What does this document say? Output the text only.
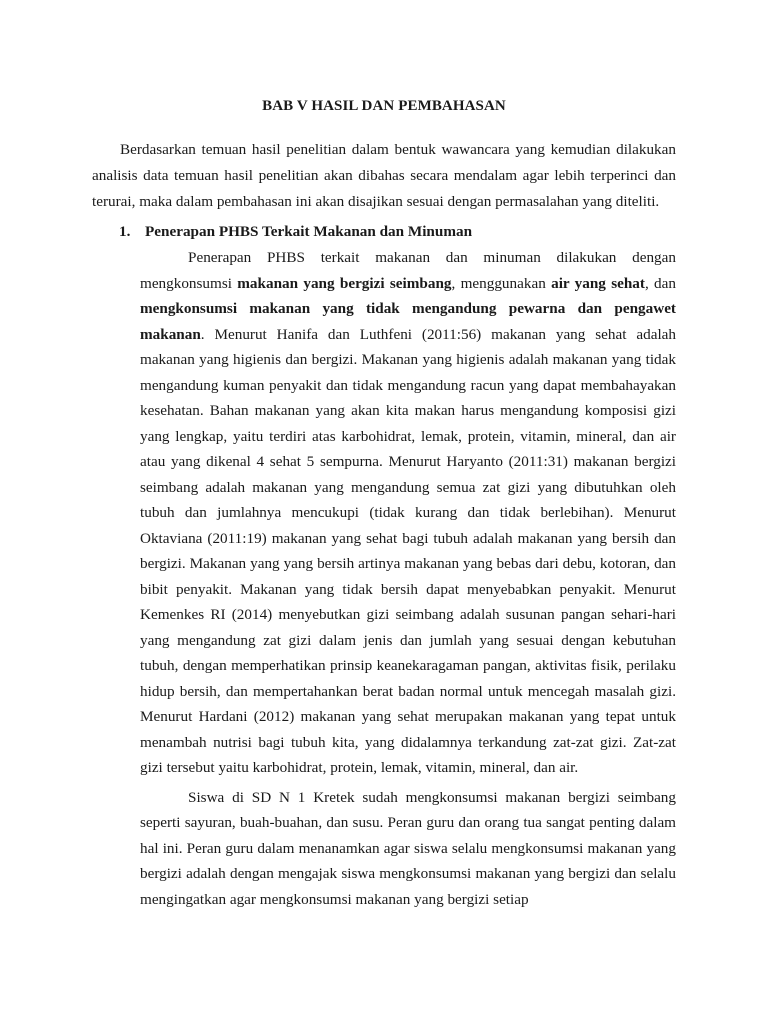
BAB V HASIL DAN PEMBAHASAN

Berdasarkan temuan hasil penelitian dalam bentuk wawancara yang kemudian dilakukan analisis data temuan hasil penelitian akan dibahas secara mendalam agar lebih terperinci dan terurai, maka dalam pembahasan ini akan disajikan sesuai dengan permasalahan yang diteliti.

1. Penerapan PHBS Terkait Makanan dan Minuman

Penerapan PHBS terkait makanan dan minuman dilakukan dengan mengkonsumsi makanan yang bergizi seimbang, menggunakan air yang sehat, dan mengkonsumsi makanan yang tidak mengandung pewarna dan pengawet makanan. Menurut Hanifa dan Luthfeni (2011:56) makanan yang sehat adalah makanan yang higienis dan bergizi. Makanan yang higienis adalah makanan yang tidak mengandung kuman penyakit dan tidak mengandung racun yang dapat membahayakan kesehatan. Bahan makanan yang akan kita makan harus mengandung komposisi gizi yang lengkap, yaitu terdiri atas karbohidrat, lemak, protein, vitamin, mineral, dan air atau yang dikenal 4 sehat 5 sempurna. Menurut Haryanto (2011:31) makanan bergizi seimbang adalah makanan yang mengandung semua zat gizi yang dibutuhkan oleh tubuh dan jumlahnya mencukupi (tidak kurang dan tidak berlebihan). Menurut Oktaviana (2011:19) makanan yang sehat bagi tubuh adalah makanan yang bersih dan bergizi. Makanan yang yang bersih artinya makanan yang bebas dari debu, kotoran, dan bibit penyakit. Makanan yang tidak bersih dapat menyebabkan penyakit. Menurut Kemenkes RI (2014) menyebutkan gizi seimbang adalah susunan pangan sehari-hari yang mengandung zat gizi dalam jenis dan jumlah yang sesuai dengan kebutuhan tubuh, dengan memperhatikan prinsip keanekaragaman pangan, aktivitas fisik, perilaku hidup bersih, dan mempertahankan berat badan normal untuk mencegah masalah gizi. Menurut Hardani (2012) makanan yang sehat merupakan makanan yang tepat untuk menambah nutrisi bagi tubuh kita, yang didalamnya terkandung zat-zat gizi. Zat-zat gizi tersebut yaitu karbohidrat, protein, lemak, vitamin, mineral, dan air.

Siswa di SD N 1 Kretek sudah mengkonsumsi makanan bergizi seimbang seperti sayuran, buah-buahan, dan susu. Peran guru dan orang tua sangat penting dalam hal ini. Peran guru dalam menanamkan agar siswa selalu mengkonsumsi makanan yang bergizi adalah dengan mengajak siswa mengkonsumsi makanan yang bergizi dan selalu mengingatkan agar mengkonsumsi makanan yang bergizi setiap
